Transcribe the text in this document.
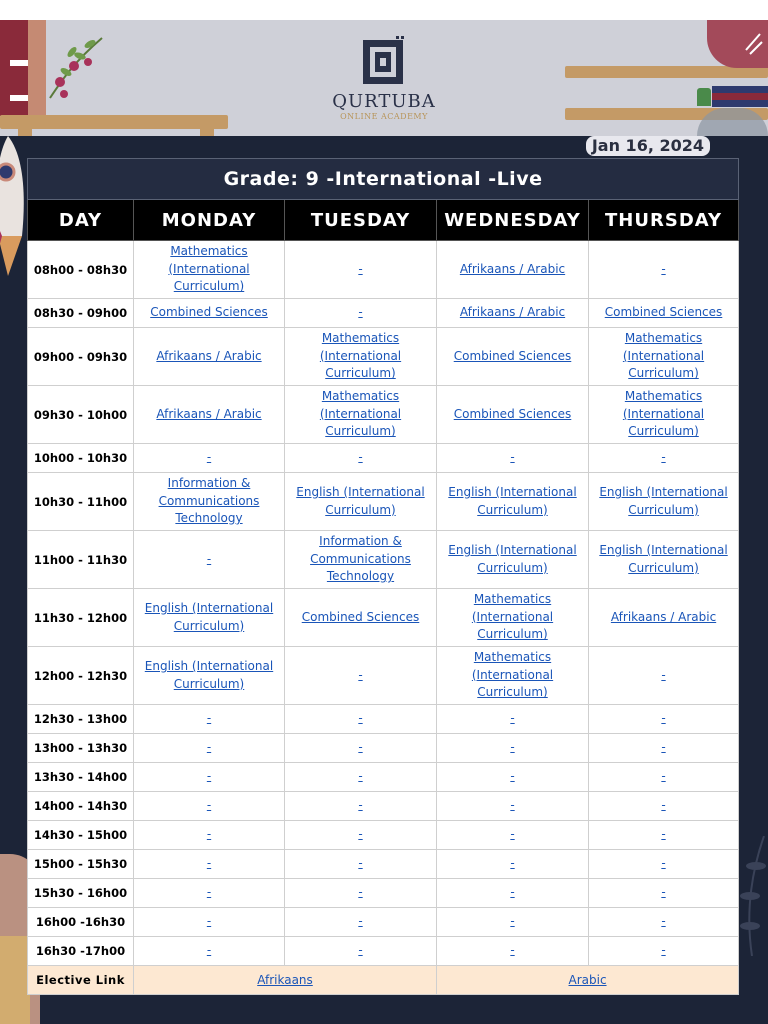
QURTUBA
ONLINE ACADEMY
Jan 16, 2024
Grade: 9 -International -Live				
DAY	MONDAY	TUESDAY	WEDNESDAY	THURSDAY
08h00 - 08h30	Mathematics (International Curriculum)	-	Afrikaans / Arabic	-

08h30 - 09h00	Combined Sciences	-	Afrikaans / Arabic	Combined Sciences

09h00 - 09h30	Afrikaans / Arabic	Mathematics (International Curriculum)	Combined Sciences	Mathematics (International Curriculum)

09h30 - 10h00	Afrikaans / Arabic	Mathematics (International Curriculum)	Combined Sciences	Mathematics (International Curriculum)

10h00 - 10h30	-	-	-	-

10h30 - 11h00	Information & Communications Technology	English (International Curriculum)	English (International Curriculum)	English (International Curriculum)

11h00 - 11h30	-	Information & Communications Technology	English (International Curriculum)	English (International Curriculum)

11h30 - 12h00	English (International Curriculum)	Combined Sciences	Mathematics (International Curriculum)	Afrikaans / Arabic

12h00 - 12h30	English (International Curriculum)	-	Mathematics (International Curriculum)	-

12h30 - 13h00	-	-	-	-

13h00 - 13h30	-	-	-	-

13h30 - 14h00	-	-	-	-

14h00 - 14h30	-	-	-	-

14h30 - 15h00	-	-	-	-

15h00 - 15h30	-	-	-	-

15h30 - 16h00	-	-	-	-

16h00 -16h30	-	-	-	-

16h30 -17h00	-	-	-	-

Elective Link	Afrikaans		Arabic	
